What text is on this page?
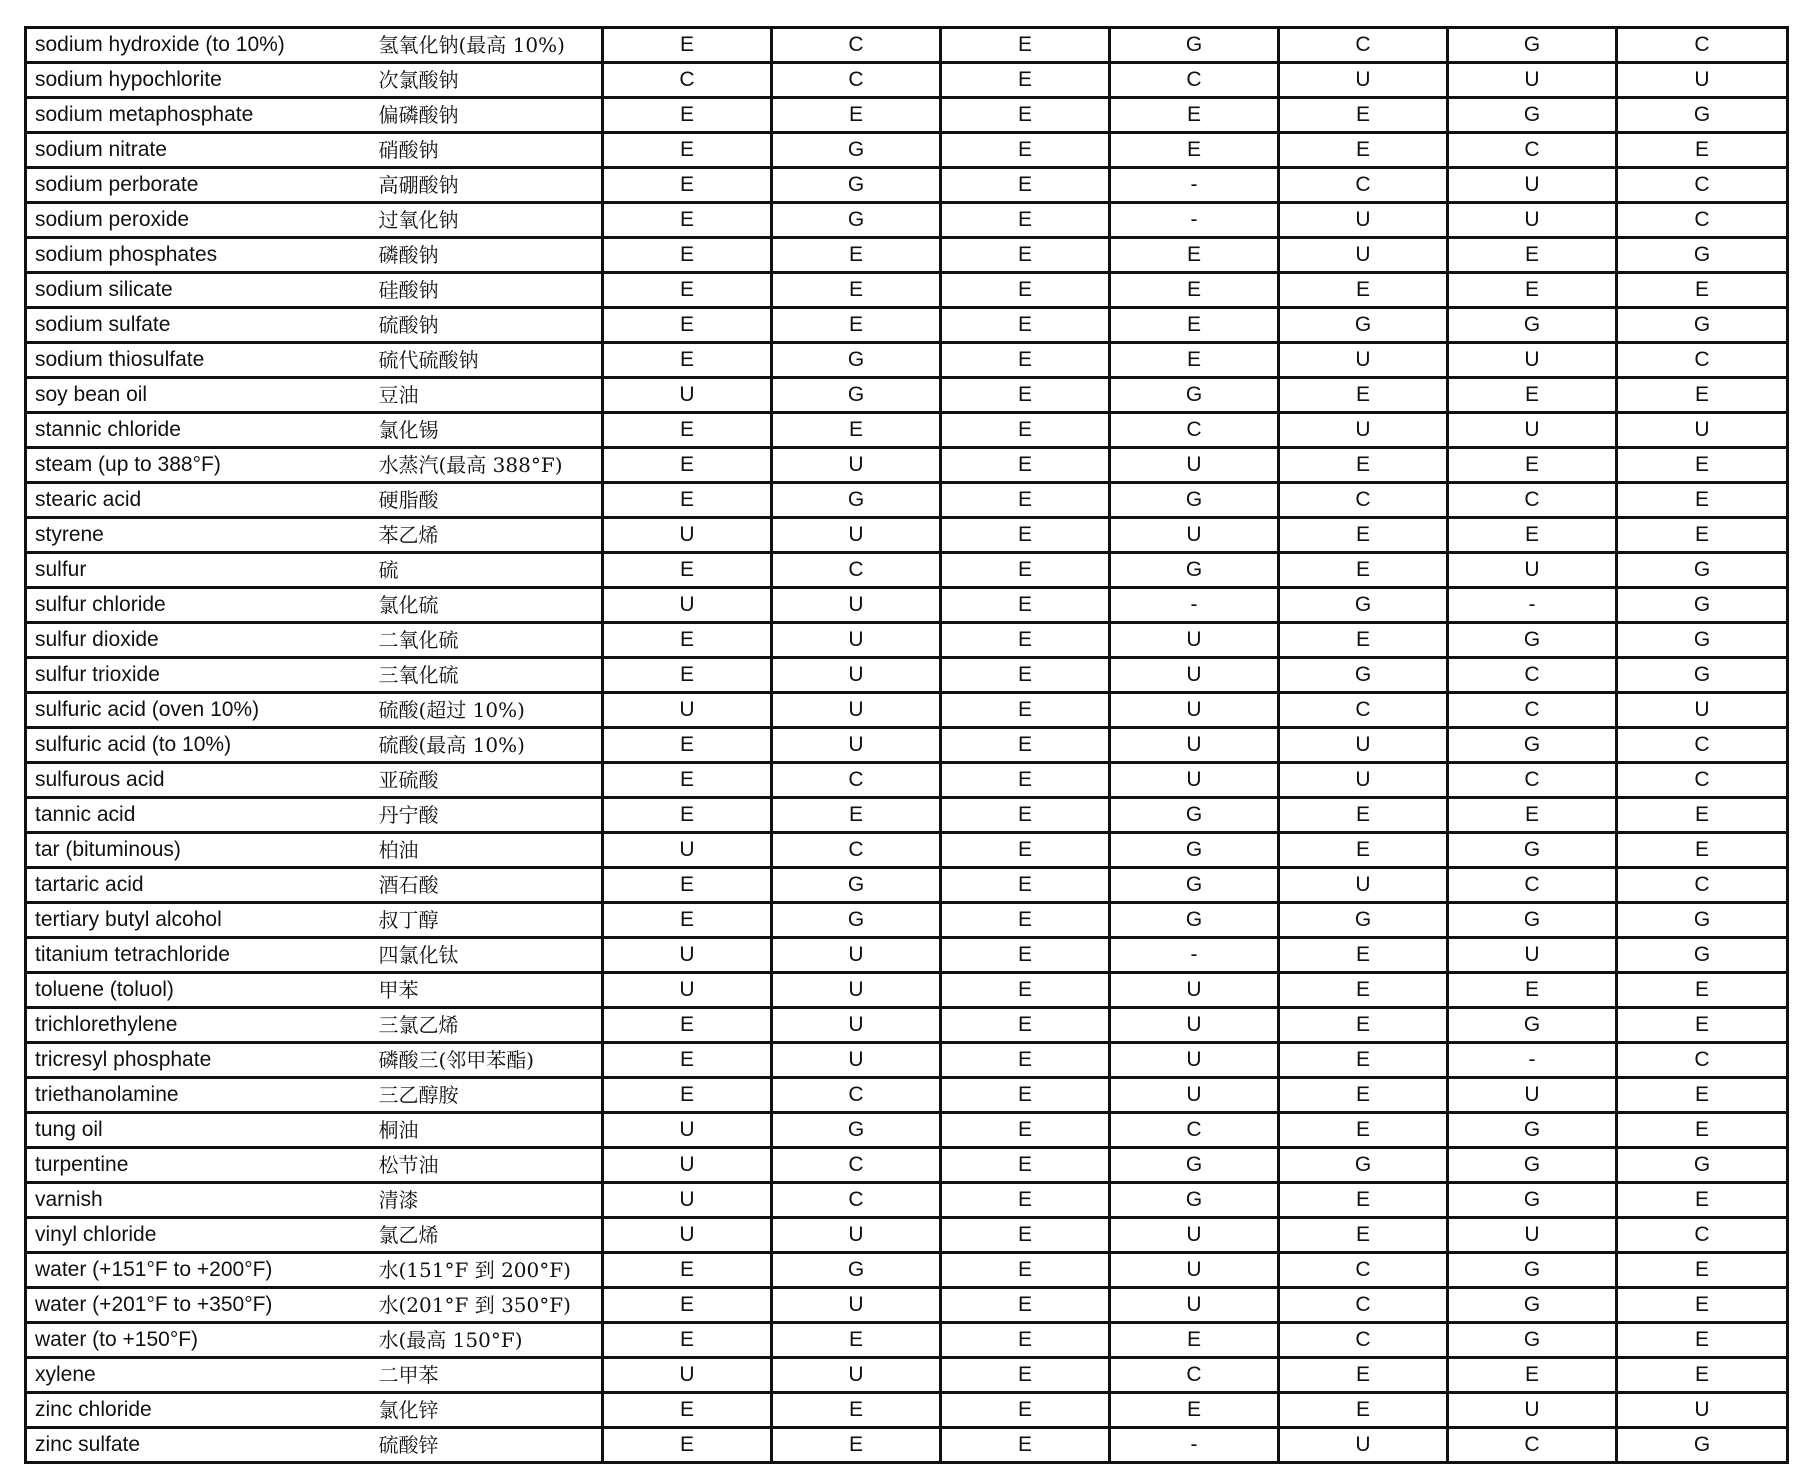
sodium hydroxide (to 10%)	氢氧化钠(最高 10%)	E	C	E	G	C	G	C
sodium hypochlorite	次氯酸钠	C	C	E	C	U	U	U
sodium metaphosphate	偏磷酸钠	E	E	E	E	E	G	G
sodium nitrate	硝酸钠	E	G	E	E	E	C	E
sodium perborate	高硼酸钠	E	G	E	-	C	U	C
sodium peroxide	过氧化钠	E	G	E	-	U	U	C
sodium phosphates	磷酸钠	E	E	E	E	U	E	G
sodium silicate	硅酸钠	E	E	E	E	E	E	E
sodium sulfate	硫酸钠	E	E	E	E	G	G	G
sodium thiosulfate	硫代硫酸钠	E	G	E	E	U	U	C
soy bean oil	豆油	U	G	E	G	E	E	E
stannic chloride	氯化锡	E	E	E	C	U	U	U
steam (up to 388°F)	水蒸汽(最高 388°F)	E	U	E	U	E	E	E
stearic acid	硬脂酸	E	G	E	G	C	C	E
styrene	苯乙烯	U	U	E	U	E	E	E
sulfur	硫	E	C	E	G	E	U	G
sulfur chloride	氯化硫	U	U	E	-	G	-	G
sulfur dioxide	二氧化硫	E	U	E	U	E	G	G
sulfur trioxide	三氧化硫	E	U	E	U	G	C	G
sulfuric acid (oven 10%)	硫酸(超过 10%)	U	U	E	U	C	C	U
sulfuric acid (to 10%)	硫酸(最高 10%)	E	U	E	U	U	G	C
sulfurous acid	亚硫酸	E	C	E	U	U	C	C
tannic acid	丹宁酸	E	E	E	G	E	E	E
tar (bituminous)	柏油	U	C	E	G	E	G	E
tartaric acid	酒石酸	E	G	E	G	U	C	C
tertiary butyl alcohol	叔丁醇	E	G	E	G	G	G	G
titanium tetrachloride	四氯化钛	U	U	E	-	E	U	G
toluene (toluol)	甲苯	U	U	E	U	E	E	E
trichlorethylene	三氯乙烯	E	U	E	U	E	G	E
tricresyl phosphate	磷酸三(邻甲苯酯)	E	U	E	U	E	-	C
triethanolamine	三乙醇胺	E	C	E	U	E	U	E
tung oil	桐油	U	G	E	C	E	G	E
turpentine	松节油	U	C	E	G	G	G	G
varnish	清漆	U	C	E	G	E	G	E
vinyl chloride	氯乙烯	U	U	E	U	E	U	C
water (+151°F to +200°F)	水(151°F 到 200°F)	E	G	E	U	C	G	E
water (+201°F to +350°F)	水(201°F 到 350°F)	E	U	E	U	C	G	E
water (to +150°F)	水(最高 150°F)	E	E	E	E	C	G	E
xylene	二甲苯	U	U	E	C	E	E	E
zinc chloride	氯化锌	E	E	E	E	E	U	U
zinc sulfate	硫酸锌	E	E	E	-	U	C	G
